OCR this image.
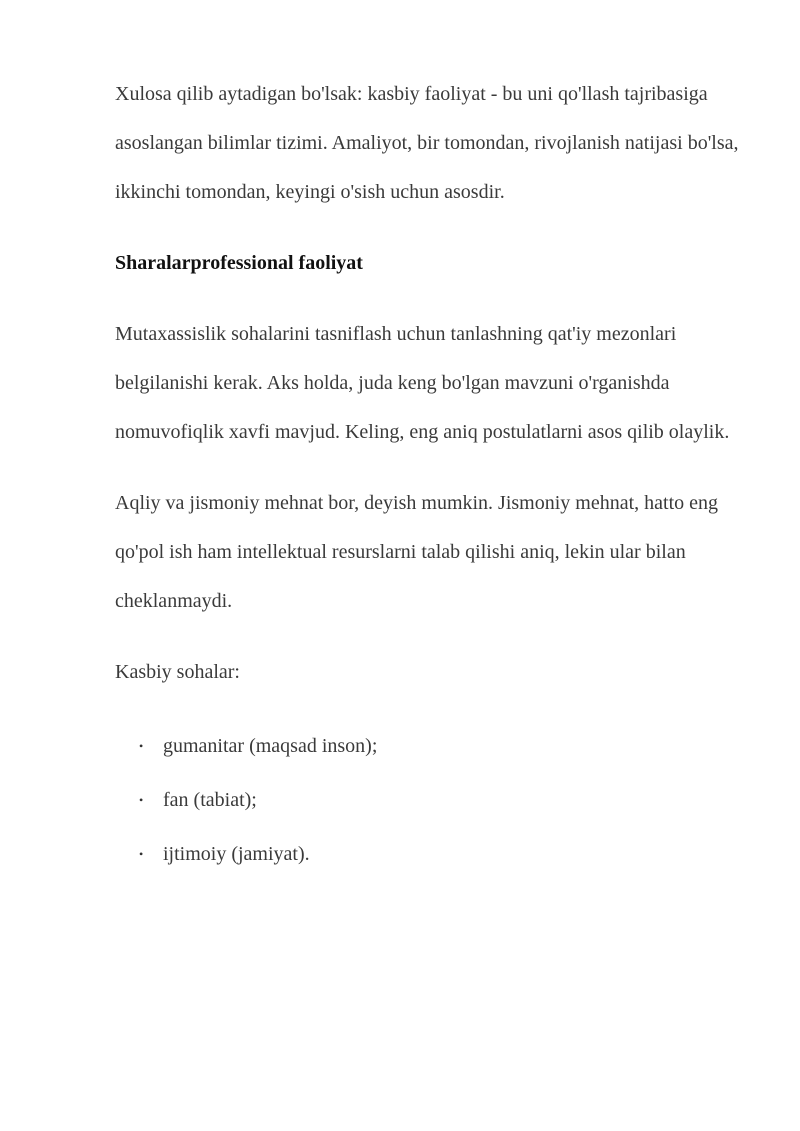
Xulosa qilib aytadigan bo'lsak: kasbiy faoliyat - bu uni qo'llash tajribasiga asoslangan bilimlar tizimi. Amaliyot, bir tomondan, rivojlanish natijasi bo'lsa, ikkinchi tomondan, keyingi o'sish uchun asosdir.

Sharalarprofessional faoliyat

Mutaxassislik sohalarini tasniflash uchun tanlashning qat'iy mezonlari belgilanishi kerak. Aks holda, juda keng bo'lgan mavzuni o'rganishda nomuvofiqlik xavfi mavjud. Keling, eng aniq postulatlarni asos qilib olaylik.

Aqliy va jismoniy mehnat bor, deyish mumkin. Jismoniy mehnat, hatto eng qo'pol ish ham intellektual resurslarni talab qilishi aniq, lekin ular bilan cheklanmaydi.

Kasbiy sohalar:

• gumanitar (maqsad inson);
• fan (tabiat);
• ijtimoiy (jamiyat).
